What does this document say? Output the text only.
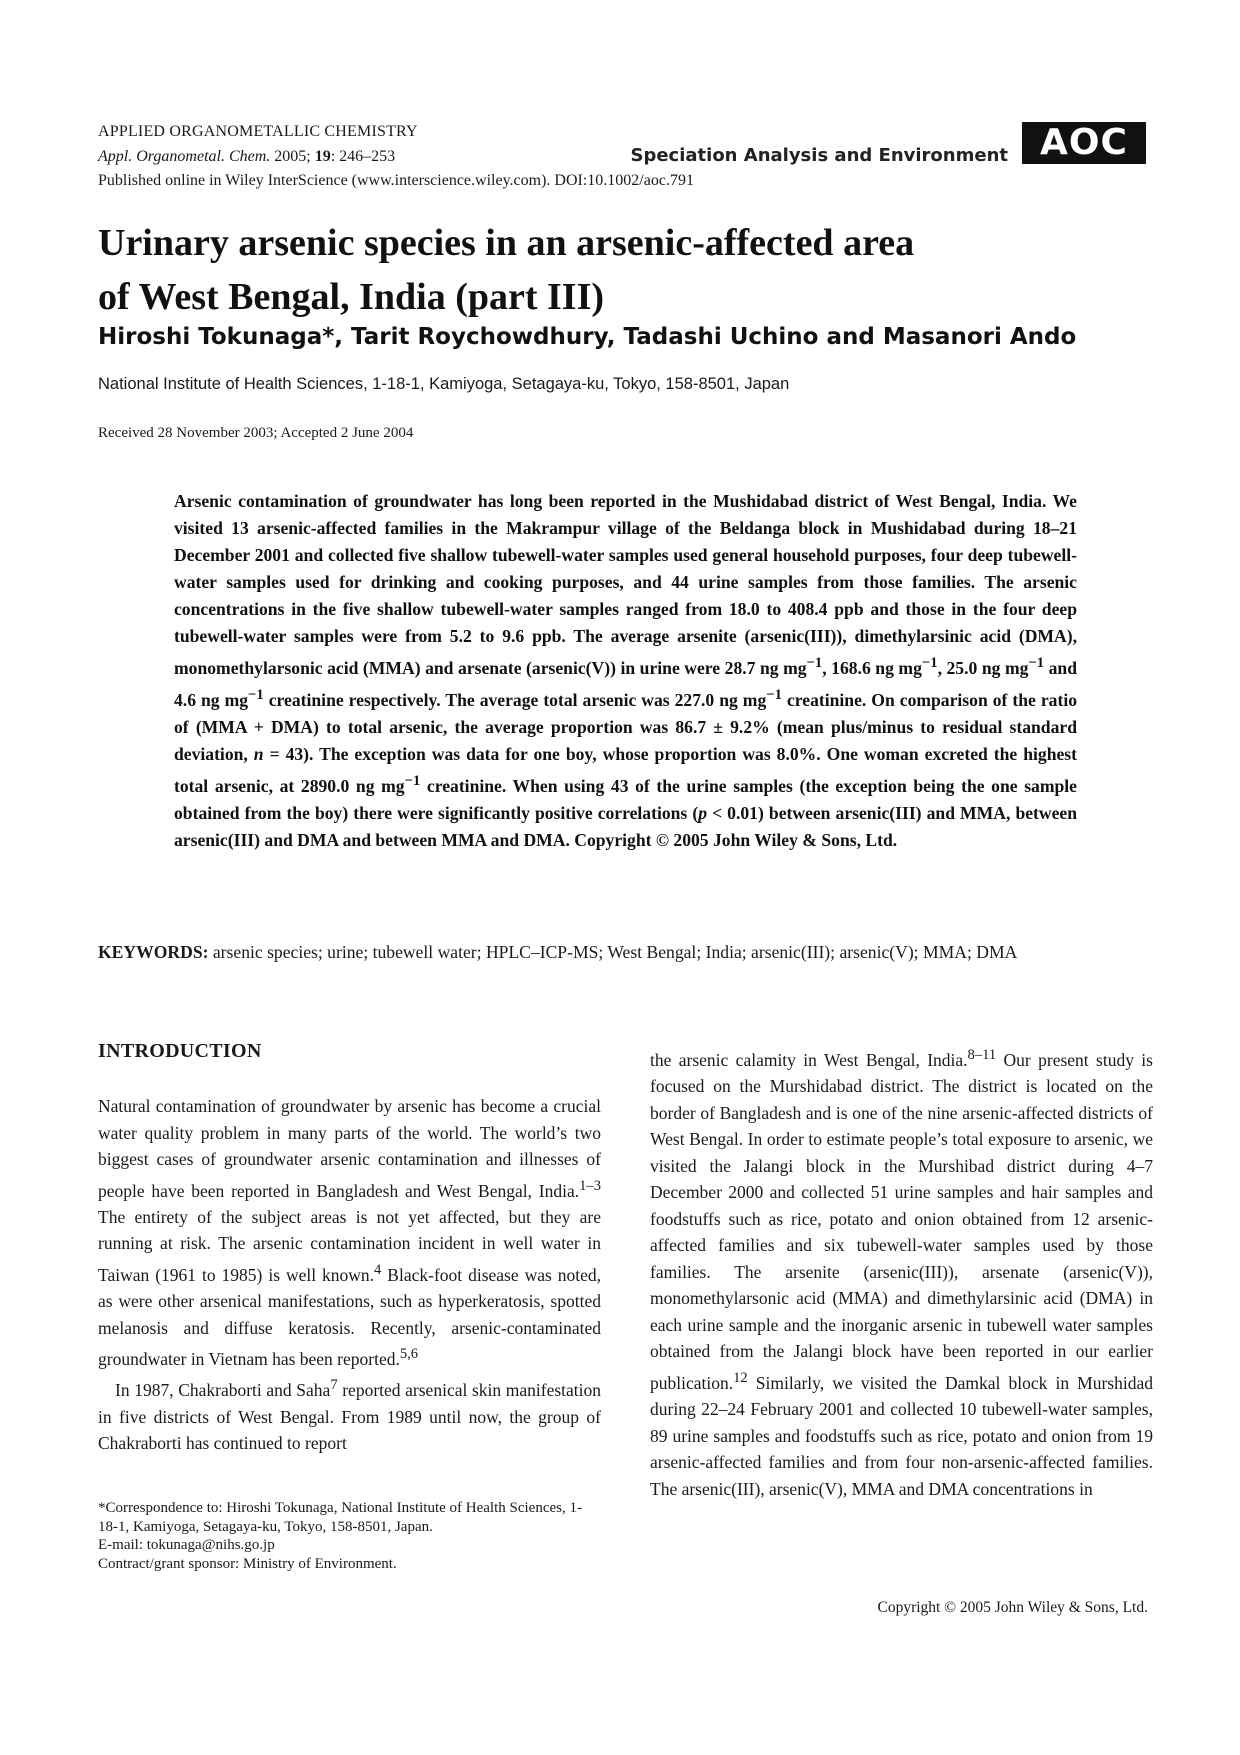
APPLIED ORGANOMETALLIC CHEMISTRY
Appl. Organometal. Chem. 2005; 19: 246–253
Published online in Wiley InterScience (www.interscience.wiley.com). DOI:10.1002/aoc.791
Speciation Analysis and Environment AOC
Urinary arsenic species in an arsenic-affected area
of West Bengal, India (part III)
Hiroshi Tokunaga*, Tarit Roychowdhury, Tadashi Uchino and Masanori Ando
National Institute of Health Sciences, 1-18-1, Kamiyoga, Setagaya-ku, Tokyo, 158-8501, Japan
Received 28 November 2003; Accepted 2 June 2004

Arsenic contamination of groundwater has long been reported in the Mushidabad district of West Bengal, India. We visited 13 arsenic-affected families in the Makrampur village of the Beldanga block in Mushidabad during 18–21 December 2001 and collected five shallow tubewell-water samples used general household purposes, four deep tubewell-water samples used for drinking and cooking purposes, and 44 urine samples from those families. The arsenic concentrations in the five shallow tubewell-water samples ranged from 18.0 to 408.4 ppb and those in the four deep tubewell-water samples were from 5.2 to 9.6 ppb. The average arsenite (arsenic(III)), dimethylarsinic acid (DMA), monomethylarsonic acid (MMA) and arsenate (arsenic(V)) in urine were 28.7 ng $mg^{-1}$, 168.6 ng $mg^{-1}$, 25.0 ng $mg^{-1}$ and 4.6 ng $mg^{-1}$ creatinine respectively. The average total arsenic was 227.0 ng $mg^{-1}$ creatinine. On comparison of the ratio of (MMA + DMA) to total arsenic, the average proportion was 86.7 ± 9.2% (mean plus/minus to residual standard deviation, n = 43). The exception was data for one boy, whose proportion was 8.0%. One woman excreted the highest total arsenic, at 2890.0 ng $mg^{-1}$ creatinine. When using 43 of the urine samples (the exception being the one sample obtained from the boy) there were significantly positive correlations (p < 0.01) between arsenic(III) and MMA, between arsenic(III) and DMA and between MMA and DMA. Copyright © 2005 John Wiley & Sons, Ltd.

KEYWORDS: arsenic species; urine; tubewell water; HPLC–ICP-MS; West Bengal; India; arsenic(III); arsenic(V); MMA; DMA
INTRODUCTION

Natural contamination of groundwater by arsenic has become a crucial water quality problem in many parts of the world. The world’s two biggest cases of groundwater arsenic contamination and illnesses of people have been reported in Bangladesh and West Bengal, India.$^{1-3}$ The entirety of the subject areas is not yet affected, but they are running at risk. The arsenic contamination incident in well water in Taiwan (1961 to 1985) is well known.$^4$ Black-foot disease was noted, as were other arsenical manifestations, such as hyperkeratosis, spotted melanosis and diffuse keratosis. Recently, arsenic-contaminated groundwater in Vietnam has been reported.$^{5,6}$

In 1987, Chakraborti and Saha$^7$ reported arsenical skin manifestation in five districts of West Bengal. From 1989 until now, the group of Chakraborti has continued to report

the arsenic calamity in West Bengal, India.$^{8-11}$ Our present study is focused on the Murshidabad district. The district is located on the border of Bangladesh and is one of the nine arsenic-affected districts of West Bengal. In order to estimate people’s total exposure to arsenic, we visited the Jalangi block in the Murshibad district during 4–7 December 2000 and collected 51 urine samples and hair samples and foodstuffs such as rice, potato and onion obtained from 12 arsenic-affected families and six tubewell-water samples used by those families. The arsenite (arsenic(III)), arsenate (arsenic(V)), monomethylarsonic acid (MMA) and dimethylarsinic acid (DMA) in each urine sample and the inorganic arsenic in tubewell water samples obtained from the Jalangi block have been reported in our earlier publication.$^{12}$ Similarly, we visited the Damkal block in Murshidad during 22–24 February 2001 and collected 10 tubewell-water samples, 89 urine samples and foodstuffs such as rice, potato and onion from 19 arsenic-affected families and from four non-arsenic-affected families. The arsenic(III), arsenic(V), MMA and DMA concentrations in

*Correspondence to: Hiroshi Tokunaga, National Institute of Health Sciences, 1-18-1, Kamiyoga, Setagaya-ku, Tokyo, 158-8501, Japan.
E-mail: tokunaga@nihs.go.jp
Contract/grant sponsor: Ministry of Environment.
Copyright © 2005 John Wiley & Sons, Ltd.
